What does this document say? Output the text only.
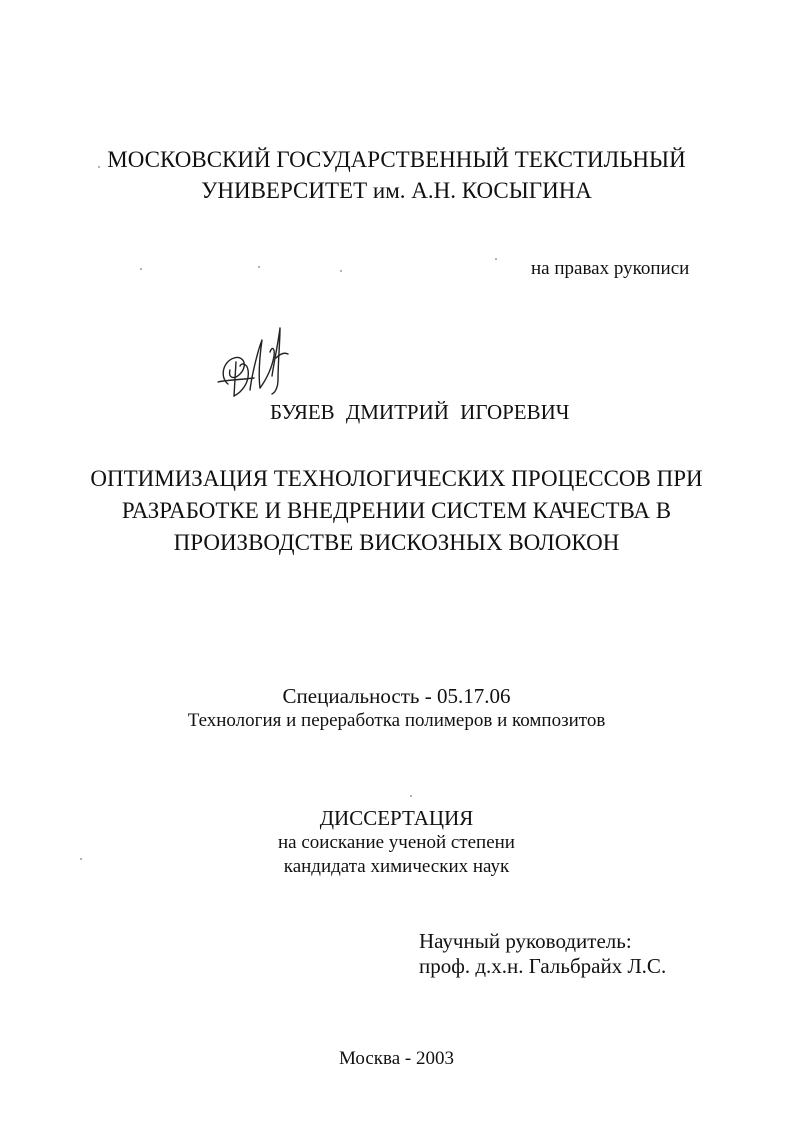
МОСКОВСКИЙ ГОСУДАРСТВЕННЫЙ ТЕКСТИЛЬНЫЙ

УНИВЕРСИТЕТ им. А.Н. КОСЫГИНА

на правах рукописи

БУЯЕВ ДМИТРИЙ ИГОРЕВИЧ

ОПТИМИЗАЦИЯ ТЕХНОЛОГИЧЕСКИХ ПРОЦЕССОВ ПРИ

РАЗРАБОТКЕ И ВНЕДРЕНИИ СИСТЕМ КАЧЕСТВА В

ПРОИЗВОДСТВЕ ВИСКОЗНЫХ ВОЛОКОН

Специальность - 05.17.06

Технология и переработка полимеров и композитов

ДИССЕРТАЦИЯ

на соискание ученой степени

кандидата химических наук

Научный руководитель:

проф. д.х.н. Гальбрайх Л.С.

Москва - 2003
